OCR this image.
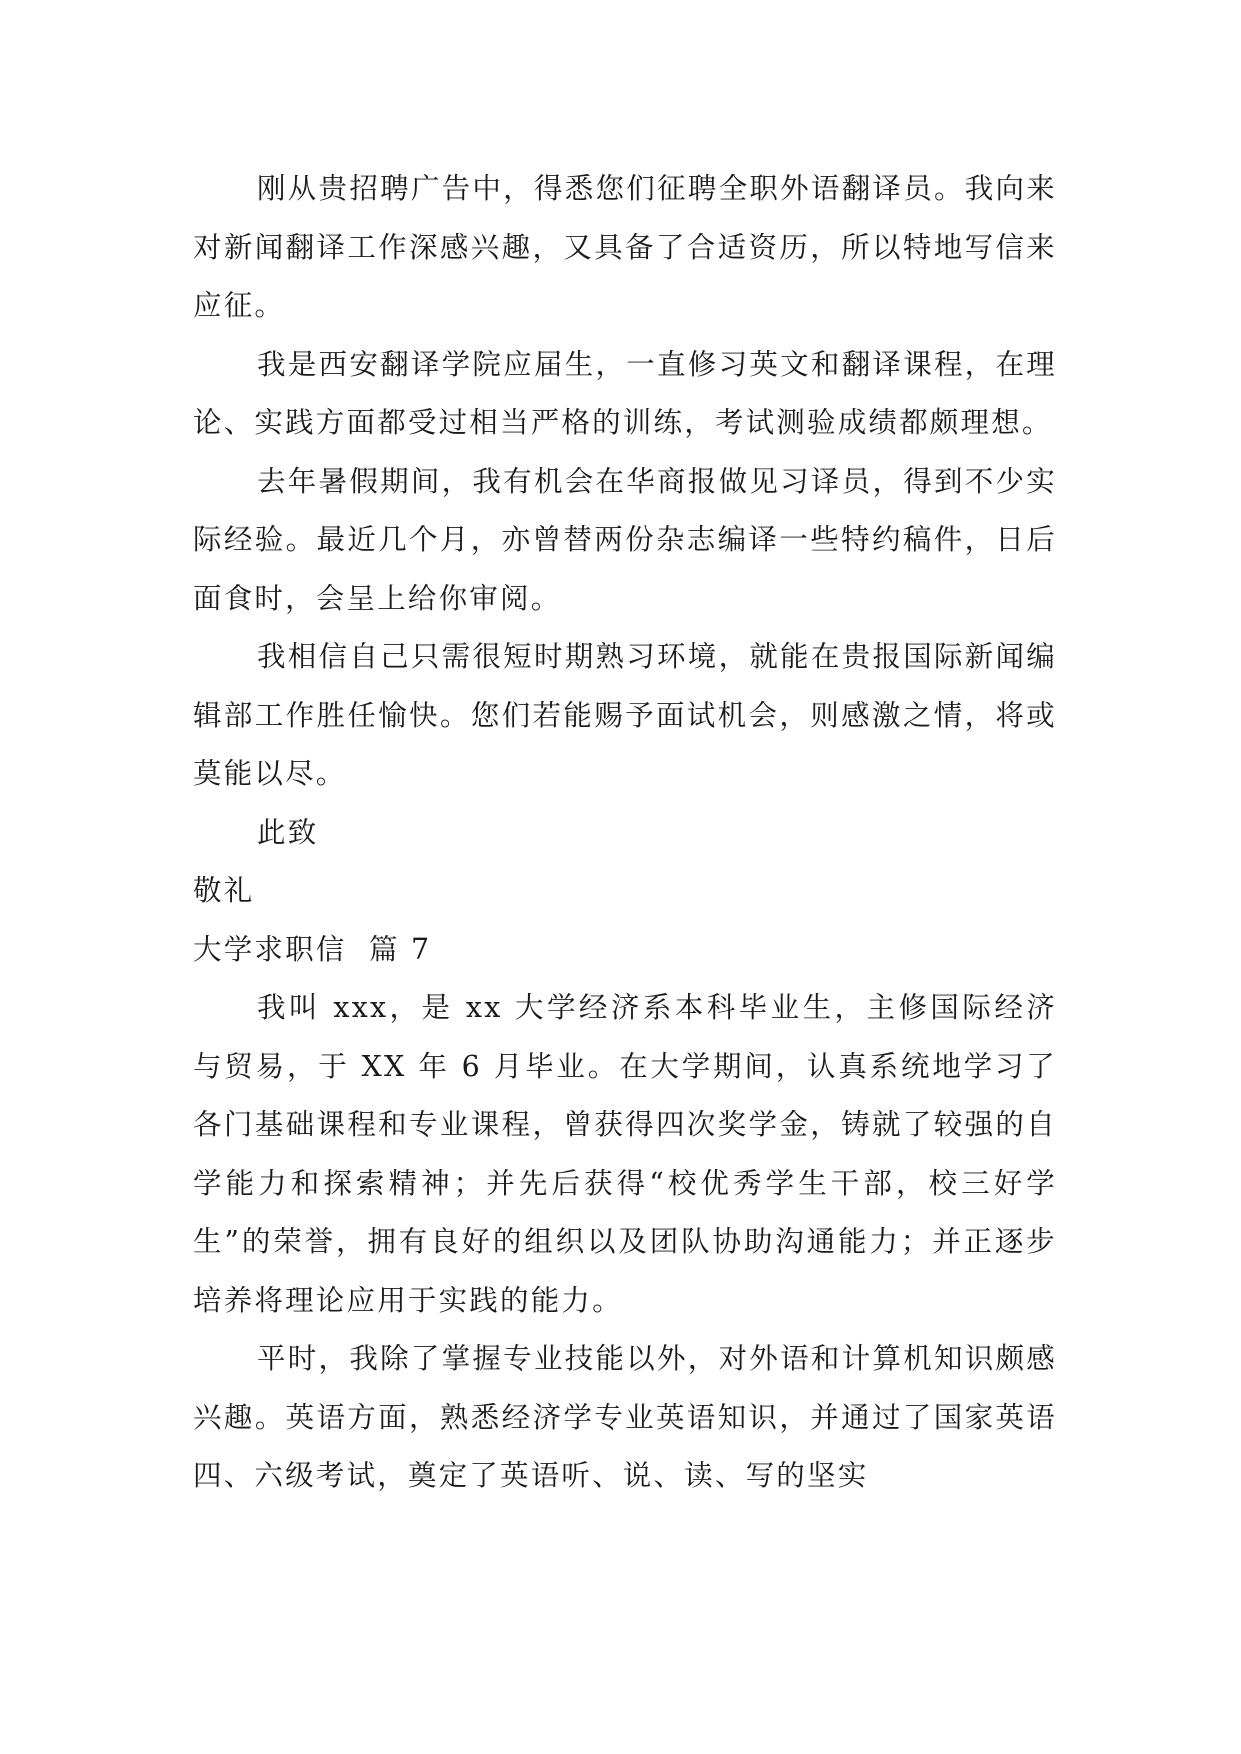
刚从贵招聘广告中，得悉您们征聘全职外语翻译员。我向来对新闻翻译工作深感兴趣，又具备了合适资历，所以特地写信来应征。

我是西安翻译学院应届生，一直修习英文和翻译课程，在理论、实践方面都受过相当严格的训练，考试测验成绩都颇理想。

去年暑假期间，我有机会在华商报做见习译员，得到不少实际经验。最近几个月，亦曾替两份杂志编译一些特约稿件，日后面食时，会呈上给你审阅。

我相信自己只需很短时期熟习环境，就能在贵报国际新闻编辑部工作胜任愉快。您们若能赐予面试机会，则感激之情，将或莫能以尽。

此致

敬礼

大学求职信  篇 7

我叫 xxx，是 xx 大学经济系本科毕业生，主修国际经济与贸易，于 XX 年 6 月毕业。在大学期间，认真系统地学习了各门基础课程和专业课程，曾获得四次奖学金，铸就了较强的自学能力和探索精神；并先后获得“校优秀学生干部，校三好学生”的荣誉，拥有良好的组织以及团队协助沟通能力；并正逐步培养将理论应用于实践的能力。

平时，我除了掌握专业技能以外，对外语和计算机知识颇感兴趣。英语方面，熟悉经济学专业英语知识，并通过了国家英语四、六级考试，奠定了英语听、说、读、写的坚实
